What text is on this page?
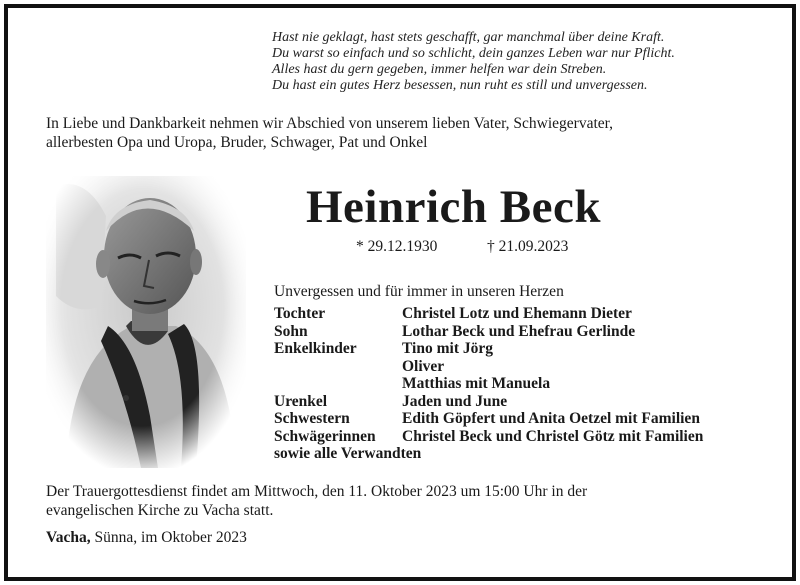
Hast nie geklagt, hast stets geschafft, gar manchmal über deine Kraft.
Du warst so einfach und so schlicht, dein ganzes Leben war nur Pflicht.
Alles hast du gern gegeben, immer helfen war dein Streben.
Du hast ein gutes Herz besessen, nun ruht es still und unvergessen.
In Liebe und Dankbarkeit nehmen wir Abschied von unserem lieben Vater, Schwiegervater,
allerbesten Opa und Uropa, Bruder, Schwager, Pat und Onkel
Heinrich Beck
* 29.12.1930	† 21.09.2023
Unvergessen und für immer in unseren Herzen
Tochter	Christel Lotz und Ehemann Dieter
Sohn	Lothar Beck und Ehefrau Gerlinde
Enkelkinder	Tino mit Jörg
Oliver
Matthias mit Manuela
Urenkel	Jaden und June
Schwestern	Edith Göpfert und Anita Oetzel mit Familien
Schwägerinnen	Christel Beck und Christel Götz mit Familien
sowie alle Verwandten
Der Trauergottesdienst findet am Mittwoch, den 11. Oktober 2023 um 15:00 Uhr in der
evangelischen Kirche zu Vacha statt.
Vacha, Sünna, im Oktober 2023
